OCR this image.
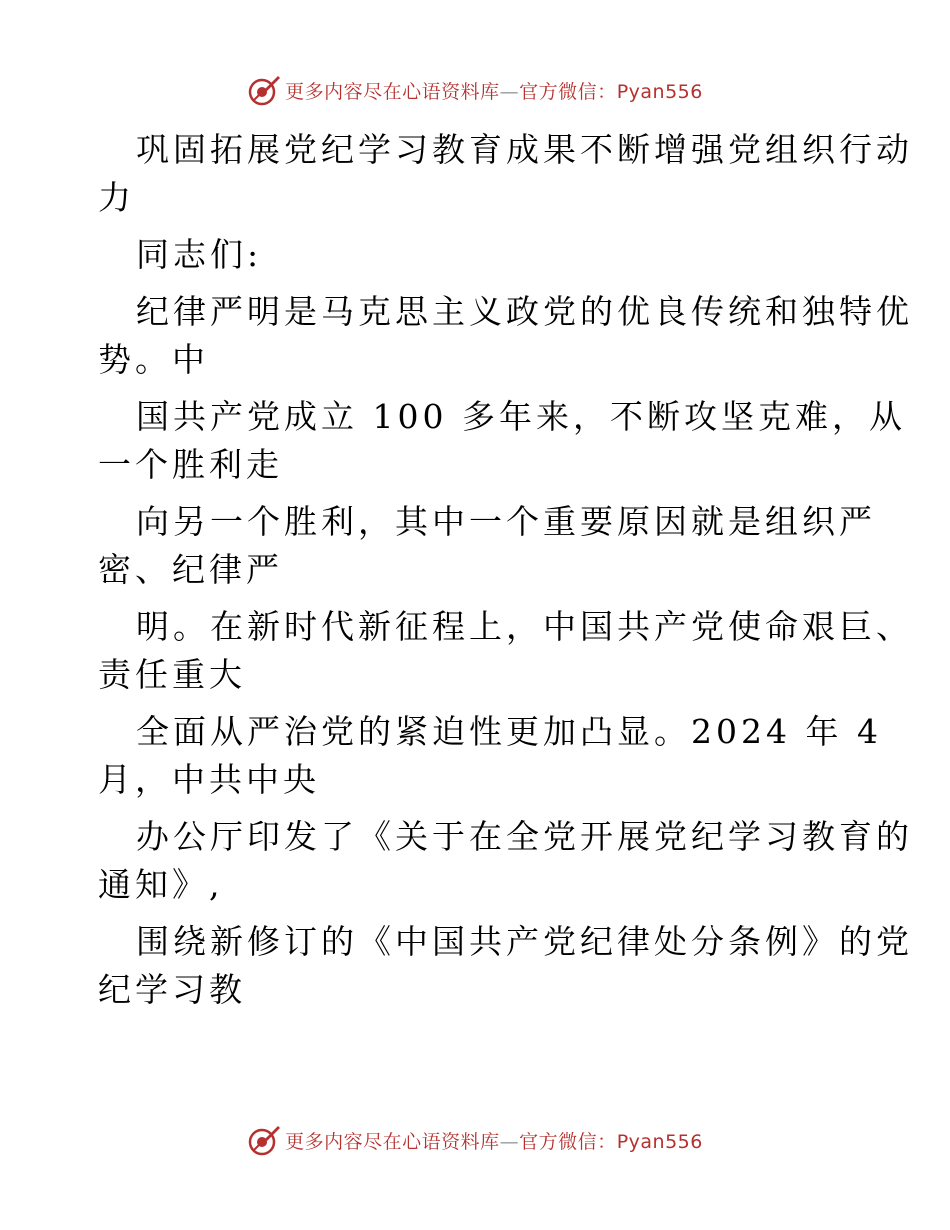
更多内容尽在心语资料库—官方微信：Pyan556

巩固拓展党纪学习教育成果不断增强党组织行动
力

同志们:

纪律严明是马克思主义政党的优良传统和独特优
势。中

国共产党成立 100 多年来，不断攻坚克难，从
一个胜利走

向另一个胜利，其中一个重要原因就是组织严
密、纪律严

明。在新时代新征程上，中国共产党使命艰巨、
责任重大

全面从严治党的紧迫性更加凸显。2024 年 4
月，中共中央

办公厅印发了《关于在全党开展党纪学习教育的
通知》,

围绕新修订的《中国共产党纪律处分条例》的党
纪学习教

更多内容尽在心语资料库—官方微信：Pyan556
